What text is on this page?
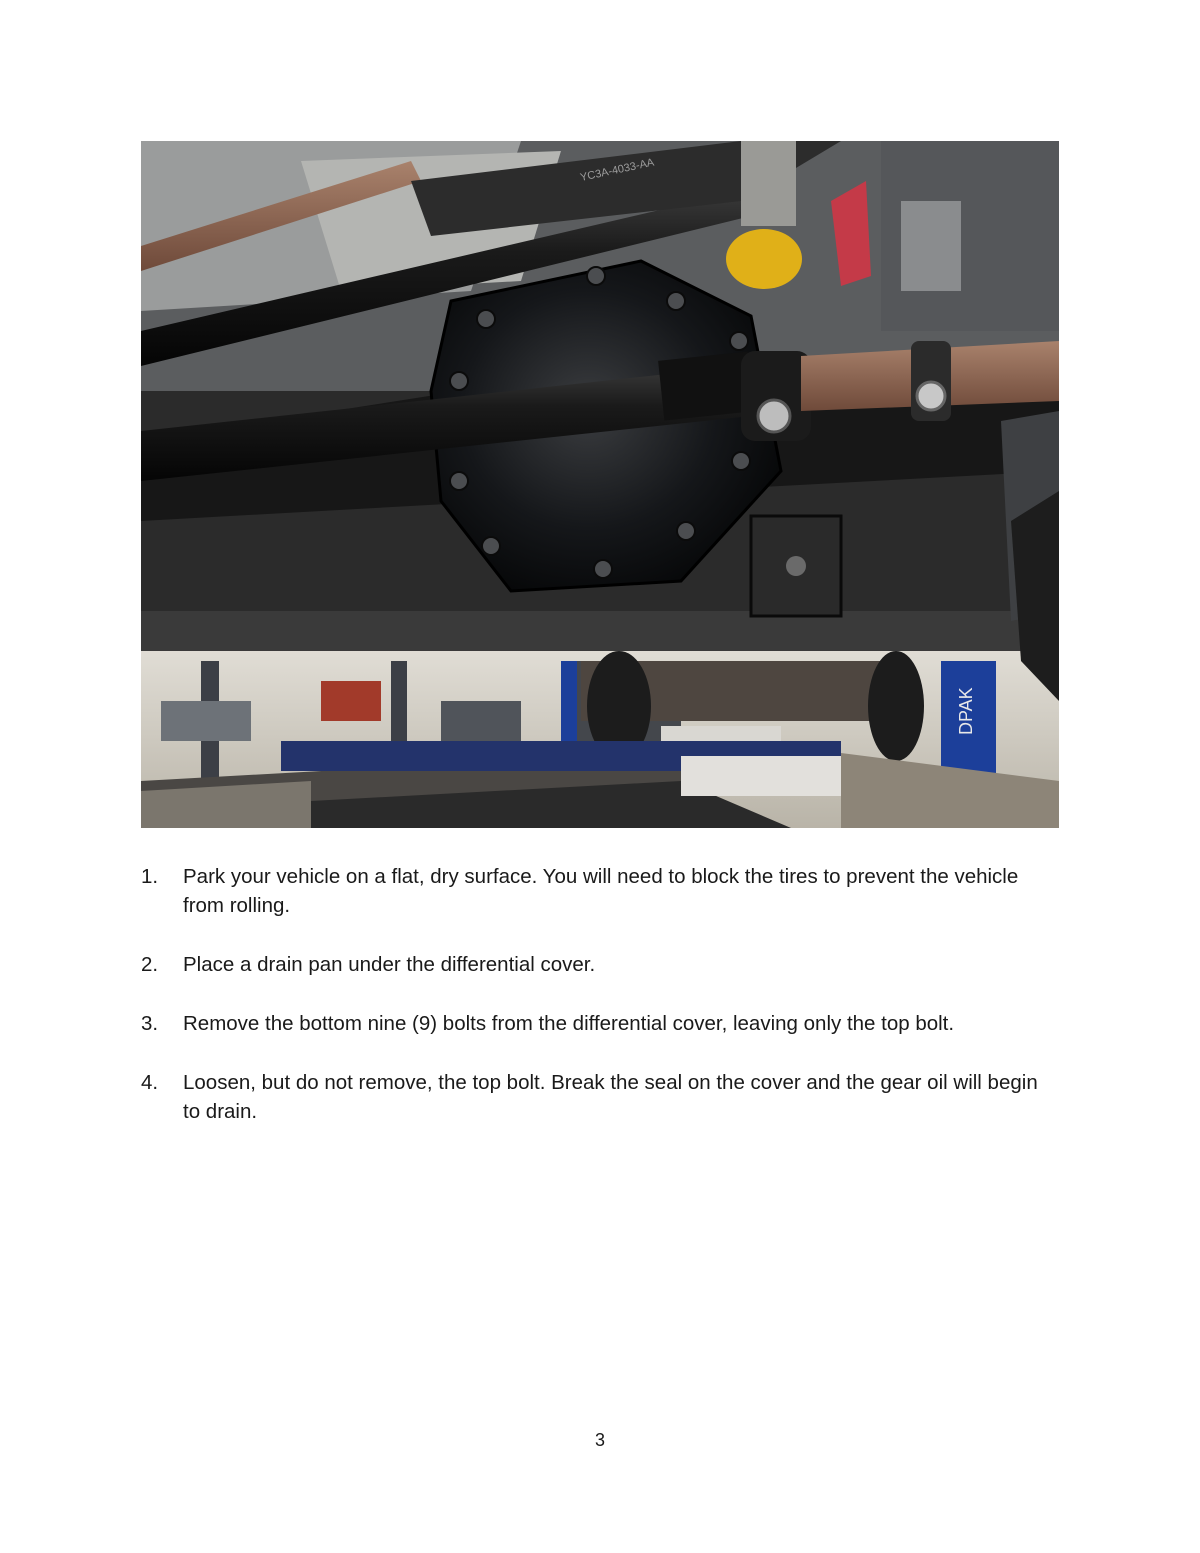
DPAK
YC3A-4033-AA
1. Park your vehicle on a flat, dry surface. You will need to block the tires to prevent the vehicle from rolling.
2. Place a drain pan under the differential cover.
3. Remove the bottom nine (9) bolts from the differential cover, leaving only the top bolt.
4. Loosen, but do not remove, the top bolt. Break the seal on the cover and the gear oil will begin to drain.
3
